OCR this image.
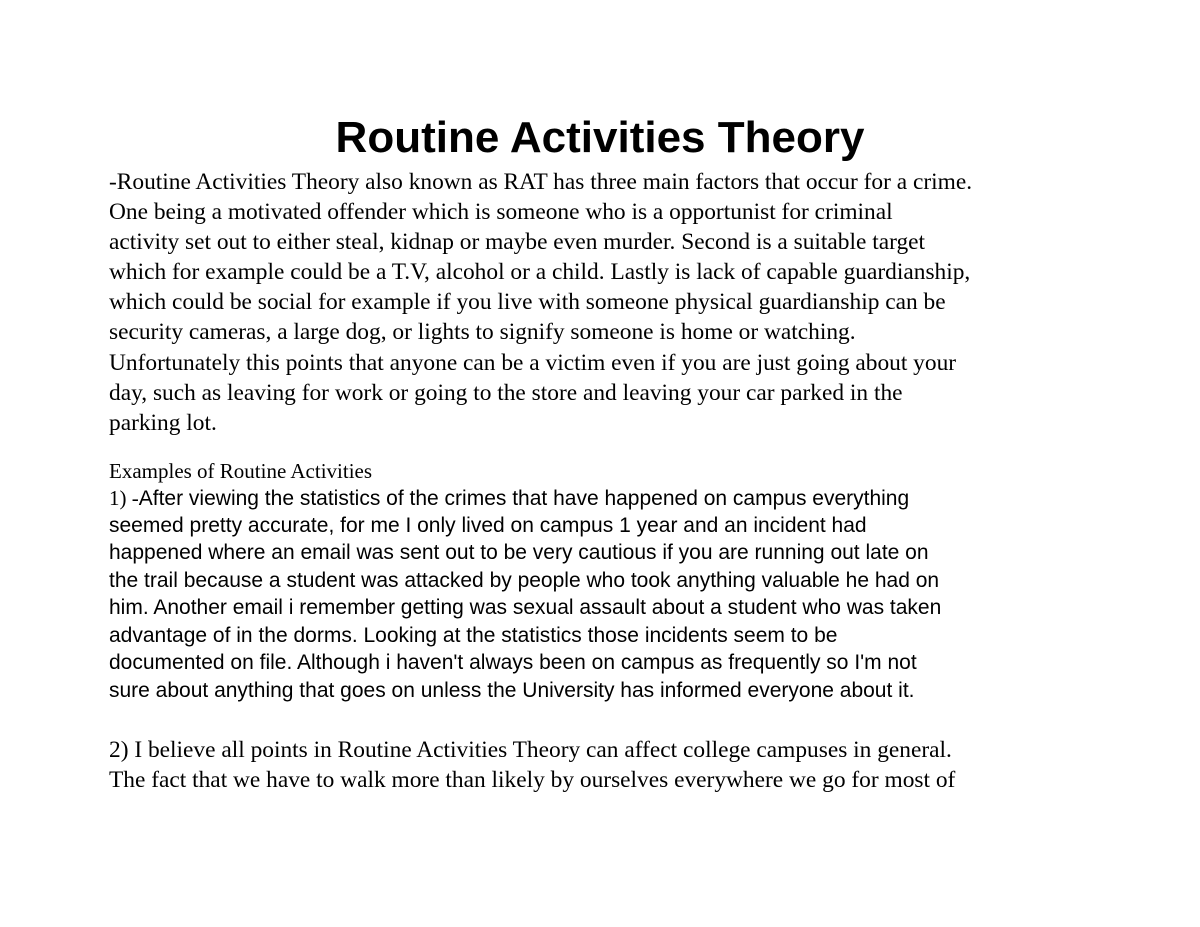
Routine Activities Theory

-Routine Activities Theory also known as RAT has three main factors that occur for a crime.

One being a motivated offender which is someone who is a opportunist for criminal

activity set out to either steal, kidnap or maybe even murder. Second is a suitable target

which for example could be a T.V, alcohol or a child. Lastly is lack of capable guardianship,

which could be social for example if you live with someone physical guardianship can be

security cameras, a large dog, or lights to signify someone is home or watching.

Unfortunately this points that anyone can be a victim even if you are just going about your

day, such as leaving for work or going to the store and leaving your car parked in the

parking lot.

Examples of Routine Activities

1) -After viewing the statistics of the crimes that have happened on campus everything

seemed pretty accurate, for me I only lived on campus 1 year and an incident had

happened where an email was sent out to be very cautious if you are running out late on

the trail because a student was attacked by people who took anything valuable he had on

him. Another email i remember getting was sexual assault about a student who was taken

advantage of in the dorms. Looking at the statistics those incidents seem to be

documented on file. Although i haven't always been on campus as frequently so I'm not

sure about anything that goes on unless the University has informed everyone about it.

2) I believe all points in Routine Activities Theory can affect college campuses in general.

The fact that we have to walk more than likely by ourselves everywhere we go for most of
